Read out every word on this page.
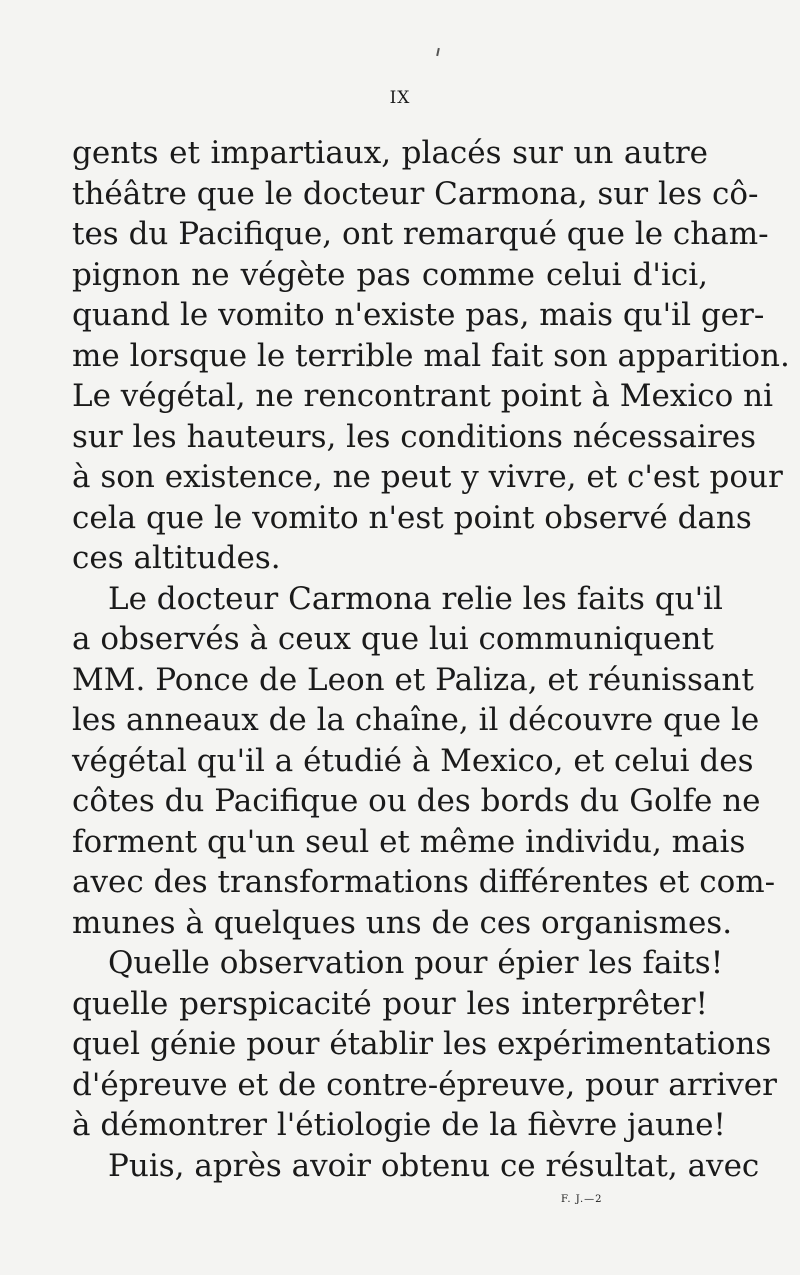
IX
gents et impartiaux, placés sur un autre
théâtre que le docteur Carmona, sur les cô-
tes du Pacifique, ont remarqué que le cham-
pignon ne végète pas comme celui d'ici,
quand le vomito n'existe pas, mais qu'il ger-
me lorsque le terrible mal fait son apparition.
Le végétal, ne rencontrant point à Mexico ni
sur les hauteurs, les conditions nécessaires
à son existence, ne peut y vivre, et c'est pour
cela que le vomito n'est point observé dans
ces altitudes.
Le docteur Carmona relie les faits qu'il
a observés à ceux que lui communiquent
MM. Ponce de Leon et Paliza, et réunissant
les anneaux de la chaîne, il découvre que le
végétal qu'il a étudié à Mexico, et celui des
côtes du Pacifique ou des bords du Golfe ne
forment qu'un seul et même individu, mais
avec des transformations différentes et com-
munes à quelques uns de ces organismes.
Quelle observation pour épier les faits!
quelle perspicacité pour les interprêter!
quel génie pour établir les expérimentations
d'épreuve et de contre-épreuve, pour arriver
à démontrer l'étiologie de la fièvre jaune!
Puis, après avoir obtenu ce résultat, avec
F. J.—2
